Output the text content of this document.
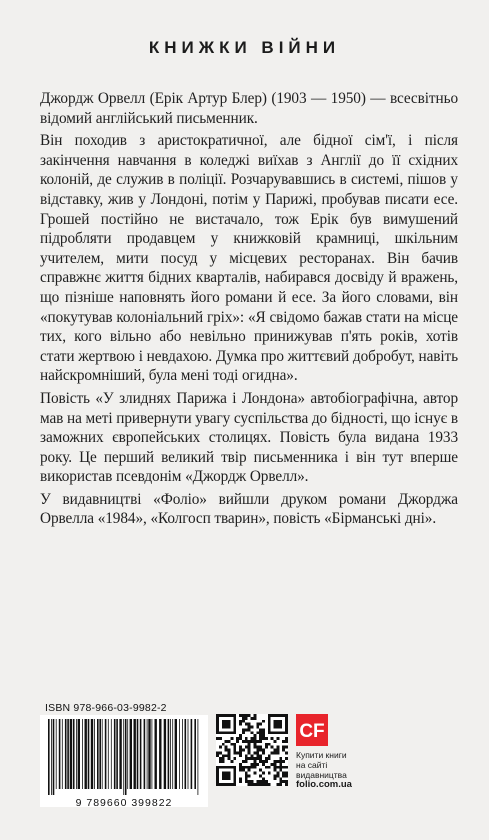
КНИЖКИ ВІЙНИ

Джордж Орвелл (Ерік Артур Блер) (1903 — 1950) — всесвітньо відомий англійський письменник.

Він походив з аристократичної, але бідної сім'ї, і після закінчення навчання в коледжі виїхав з Англії до її східних колоній, де служив в поліції. Розчарувавшись в системі, пішов у відставку, жив у Лондоні, потім у Парижі, пробував писати есе. Грошей постійно не вистачало, тож Ерік був вимушений підробляти продавцем у книжковій крамниці, шкільним учителем, мити посуд у місцевих ресторанах. Він бачив справжнє життя бідних кварталів, набирався досвіду й вражень, що пізніше наповнять його романи й есе. За його словами, він «покутував колоніальний гріх»: «Я свідомо бажав стати на місце тих, кого вільно або невільно принижував п'ять років, хотів стати жертвою і невдахою. Думка про життєвий добробут, навіть найскромніший, була мені тоді огидна».

Повість «У злиднях Парижа і Лондона» автобіографічна, автор мав на меті привернути увагу суспільства до бідності, що існує в заможних європейських столицях. Повість була видана 1933 року. Це перший великий твір письменника і він тут вперше використав псевдонім «Джордж Орвелл».

У видавництві «Фоліо» вийшли друком романи Джорджа Орвелла «1984», «Колгосп тварин», повість «Бірманські дні».

ISBN 978-966-03-9982-2
9 789660 399822
CF
Купити книги
на сайті
видавництва
folio.com.ua
